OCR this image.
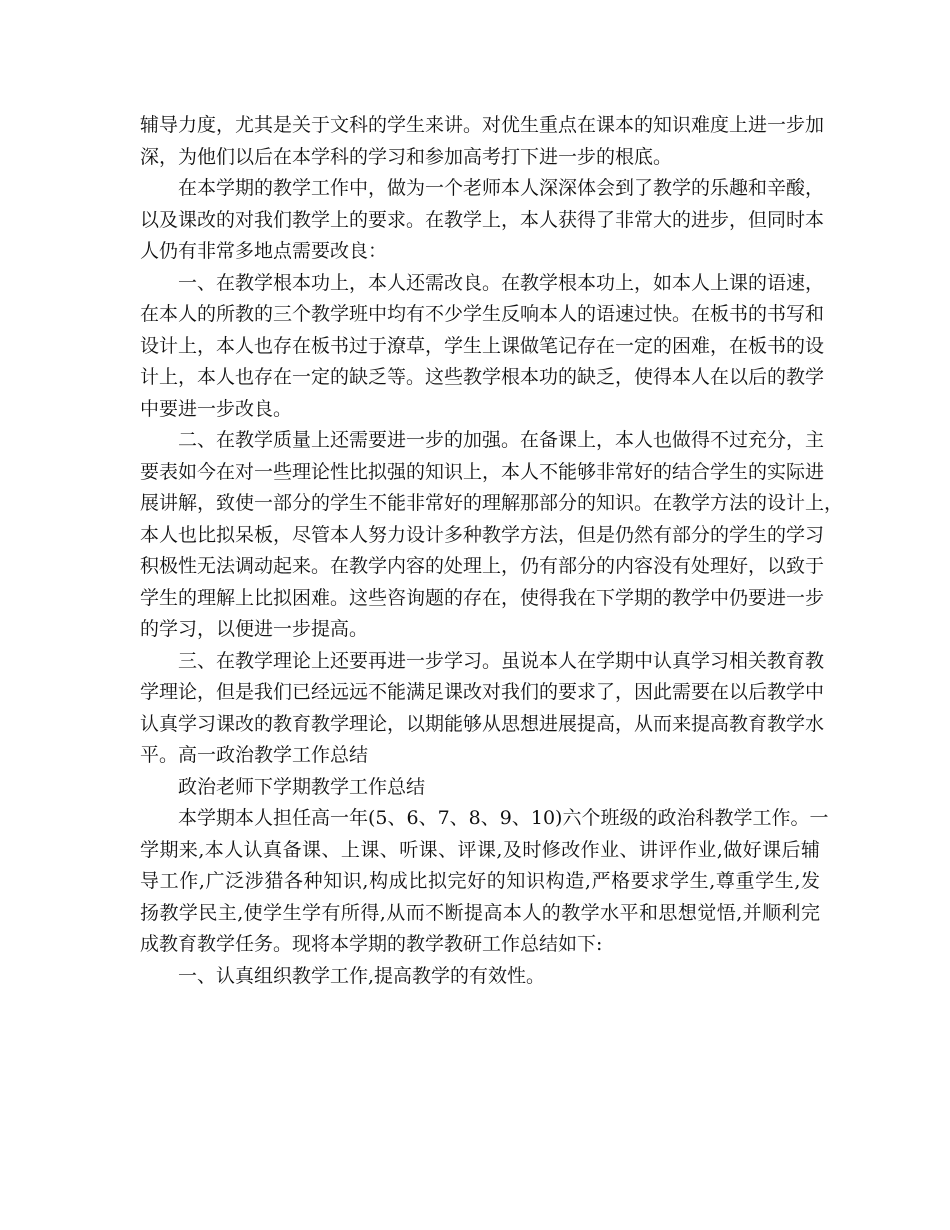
辅导力度，尤其是关于文科的学生来讲。对优生重点在课本的知识难度上进一步加
深，为他们以后在本学科的学习和参加高考打下进一步的根底。
在本学期的教学工作中，做为一个老师本人深深体会到了教学的乐趣和辛酸，
以及课改的对我们教学上的要求。在教学上，本人获得了非常大的进步，但同时本
人仍有非常多地点需要改良：
一、在教学根本功上，本人还需改良。在教学根本功上，如本人上课的语速，
在本人的所教的三个教学班中均有不少学生反响本人的语速过快。在板书的书写和
设计上，本人也存在板书过于潦草，学生上课做笔记存在一定的困难，在板书的设
计上，本人也存在一定的缺乏等。这些教学根本功的缺乏，使得本人在以后的教学
中要进一步改良。
二、在教学质量上还需要进一步的加强。在备课上，本人也做得不过充分，主
要表如今在对一些理论性比拟强的知识上，本人不能够非常好的结合学生的实际进
展讲解，致使一部分的学生不能非常好的理解那部分的知识。在教学方法的设计上，
本人也比拟呆板，尽管本人努力设计多种教学方法，但是仍然有部分的学生的学习
积极性无法调动起来。在教学内容的处理上，仍有部分的内容没有处理好，以致于
学生的理解上比拟困难。这些咨询题的存在，使得我在下学期的教学中仍要进一步
的学习，以便进一步提高。
三、在教学理论上还要再进一步学习。虽说本人在学期中认真学习相关教育教
学理论，但是我们已经远远不能满足课改对我们的要求了，因此需要在以后教学中
认真学习课改的教育教学理论，以期能够从思想进展提高，从而来提高教育教学水
平。高一政治教学工作总结
政治老师下学期教学工作总结
本学期本人担任高一年(5、6、7、8、9、10)六个班级的政治科教学工作。一
学期来,本人认真备课、上课、听课、评课,及时修改作业、讲评作业,做好课后辅
导工作,广泛涉猎各种知识,构成比拟完好的知识构造,严格要求学生,尊重学生,发
扬教学民主,使学生学有所得,从而不断提高本人的教学水平和思想觉悟,并顺利完
成教育教学任务。现将本学期的教学教研工作总结如下:
一、认真组织教学工作,提高教学的有效性。
